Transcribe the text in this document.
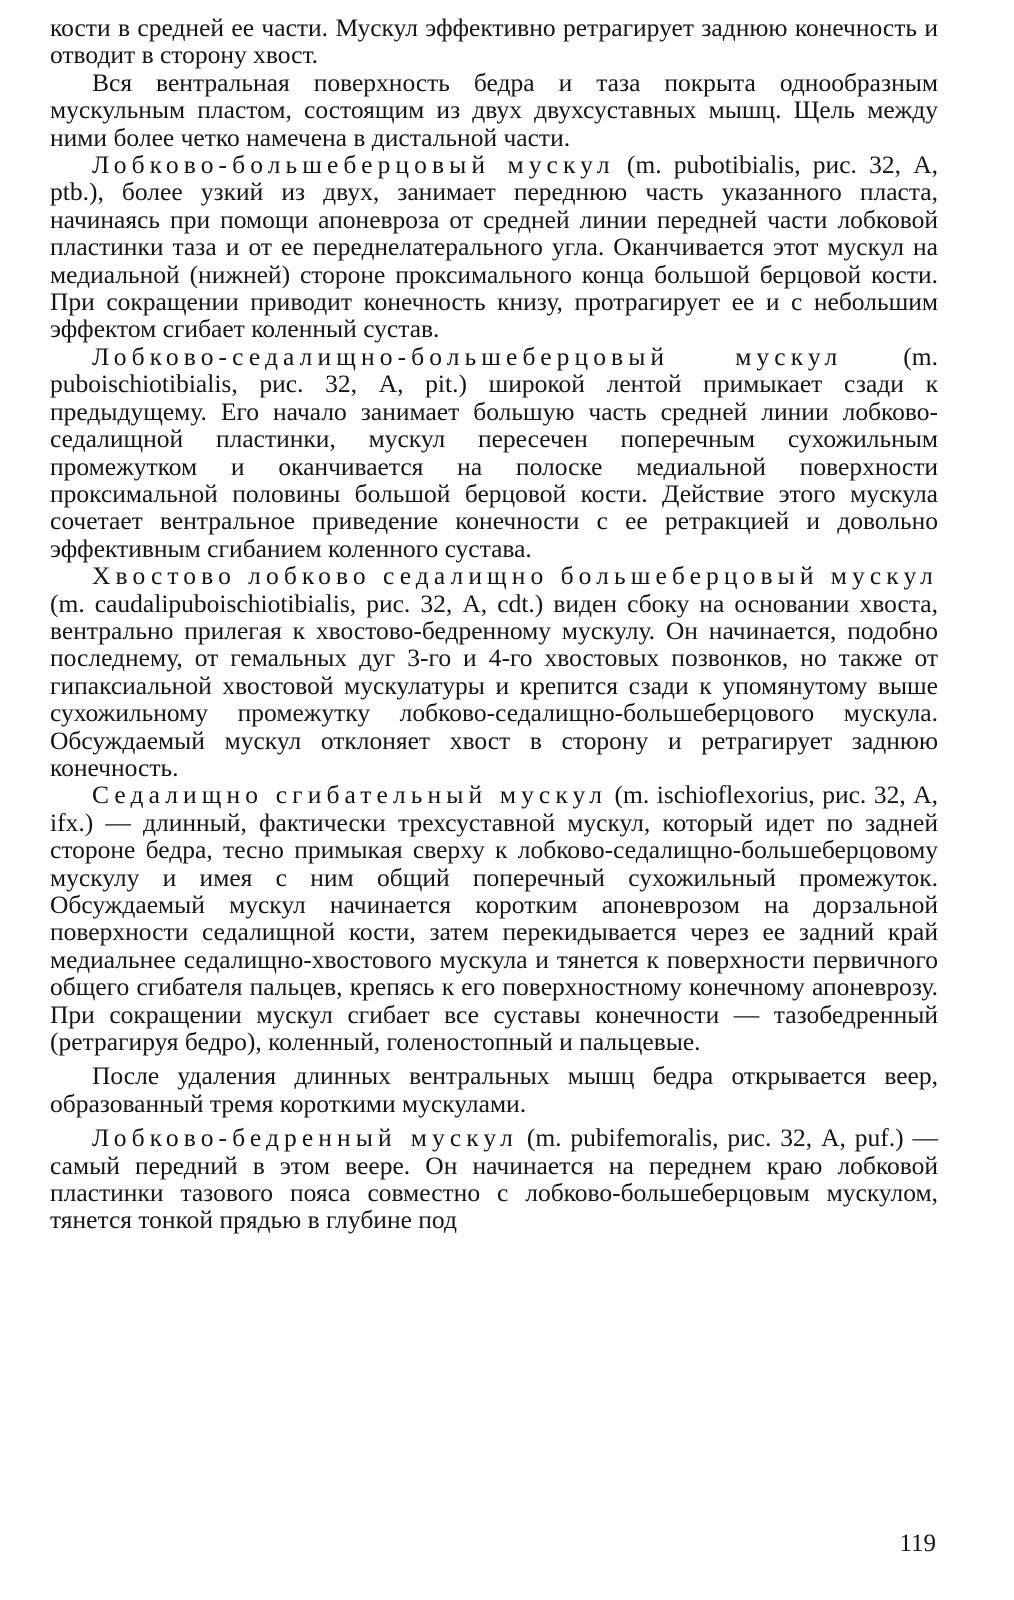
кости в средней ее части. Мускул эффективно ретрагирует заднюю конечность и отводит в сторону хвост.

Вся вентральная поверхность бедра и таза покрыта однообразным мускульным пластом, состоящим из двух двухсуставных мышц. Щель между ними более четко намечена в дистальной части.

Лобково-большеберцовый мускул (m. pubotibialis, рис. 32, A, ptb.), более узкий из двух, занимает переднюю часть указанного пласта, начинаясь при помощи апоневроза от средней линии передней части лобковой пластинки таза и от ее переднелатерального угла. Оканчивается этот мускул на медиальной (нижней) стороне проксимального конца большой берцовой кости. При сокращении приводит конечность книзу, протрагирует ее и с небольшим эффектом сгибает коленный сустав.

Лобково-седалищно-большеберцовый мускул (m. puboischiotibialis, рис. 32, A, pit.) широкой лентой примыкает сзади к предыдущему. Его начало занимает большую часть средней линии лобково-седалищной пластинки, мускул пересечен поперечным сухожильным промежутком и оканчивается на полоске медиальной поверхности проксимальной половины большой берцовой кости. Действие этого мускула сочетает вентральное приведение конечности с ее ретракцией и довольно эффективным сгибанием коленного сустава.

Хвостово лобково седалищно большеберцовый мускул (m. caudalipuboischiotibialis, рис. 32, A, cdt.) виден сбоку на основании хвоста, вентрально прилегая к хвостово-бедренному мускулу. Он начинается, подобно последнему, от гемальных дуг 3-го и 4-го хвостовых позвонков, но также от гипаксиальной хвостовой мускулатуры и крепится сзади к упомянутому выше сухожильному промежутку лобково-седалищно-большеберцового мускула. Обсуждаемый мускул отклоняет хвост в сторону и ретрагирует заднюю конечность.

Седалищно сгибательный мускул (m. ischioflexorius, рис. 32, A, ifx.) — длинный, фактически трехсуставной мускул, который идет по задней стороне бедра, тесно примыкая сверху к лобково-седалищно-большеберцовому мускулу и имея с ним общий поперечный сухожильный промежуток. Обсуждаемый мускул начинается коротким апоневрозом на дорзальной поверхности седалищной кости, затем перекидывается через ее задний край медиальнее седалищно-хвостового мускула и тянется к поверхности первичного общего сгибателя пальцев, крепясь к его поверхностному конечному апоневрозу. При сокращении мускул сгибает все суставы конечности — тазобедренный (ретрагируя бедро), коленный, голеностопный и пальцевые.

После удаления длинных вентральных мышц бедра открывается веер, образованный тремя короткими мускулами.

Лобково-бедренный мускул (m. pubifemoralis, рис. 32, A, puf.) — самый передний в этом веере. Он начинается на переднем краю лобковой пластинки тазового пояса совместно с лобково-большеберцовым мускулом, тянется тонкой прядью в глубине под

119
